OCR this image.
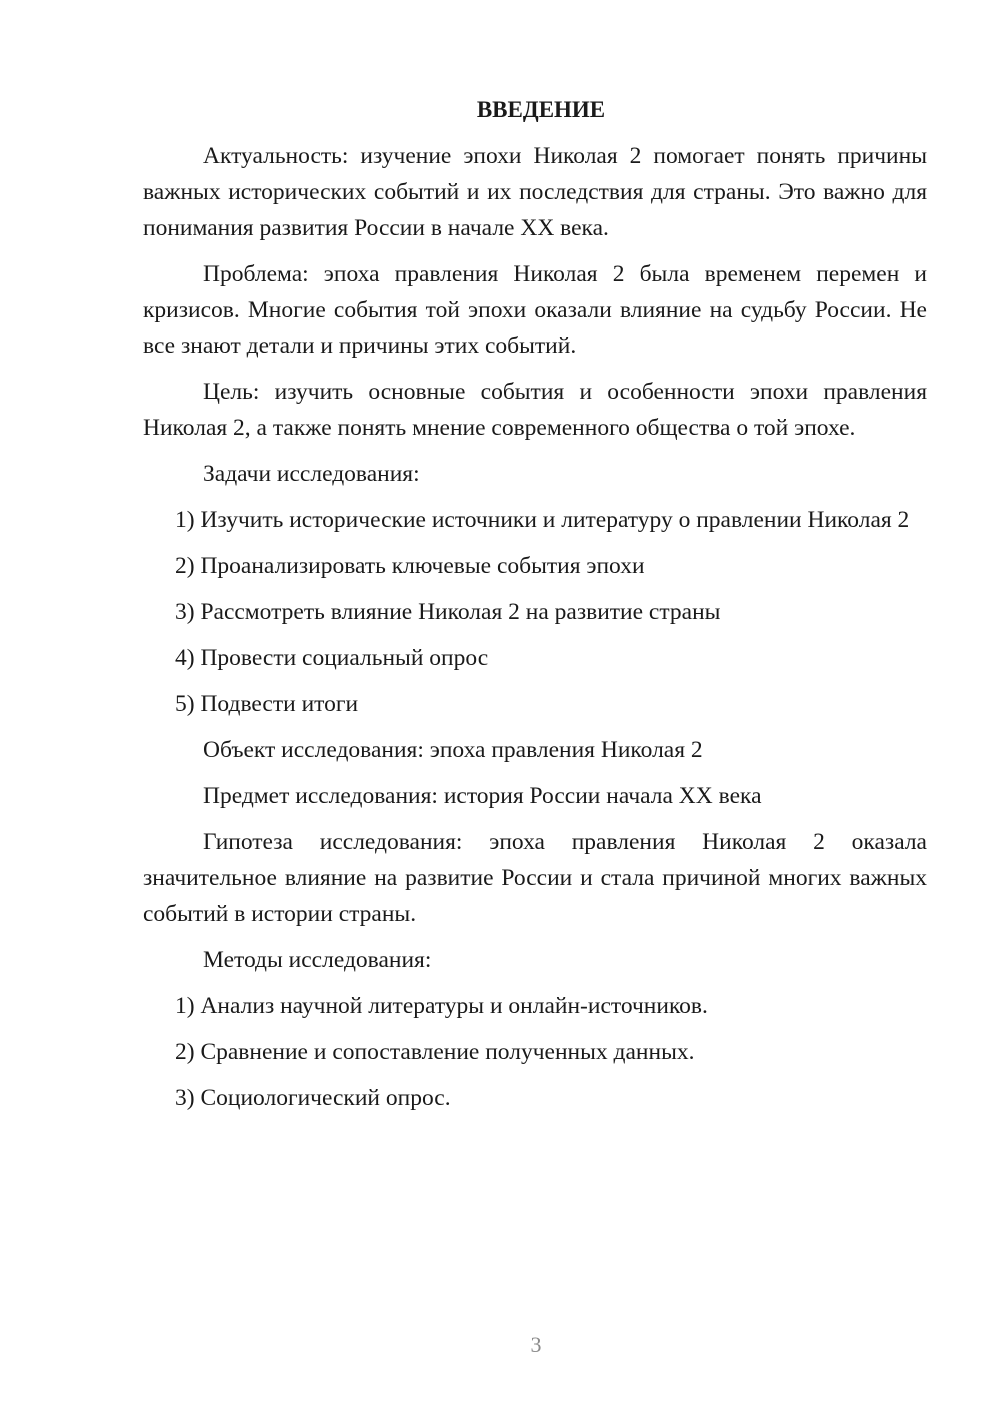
ВВЕДЕНИЕ

Актуальность: изучение эпохи Николая 2 помогает понять причины важных исторических событий и их последствия для страны. Это важно для понимания развития России в начале XX века.

Проблема: эпоха правления Николая 2 была временем перемен и кризисов. Многие события той эпохи оказали влияние на судьбу России. Не все знают детали и причины этих событий.

Цель: изучить основные события и особенности эпохи правления Николая 2, а также понять мнение современного общества о той эпохе.

Задачи исследования:

1) Изучить исторические источники и литературу о правлении Николая 2

2) Проанализировать ключевые события эпохи

3) Рассмотреть влияние Николая 2 на развитие страны

4) Провести социальный опрос

5) Подвести итоги

Объект исследования: эпоха правления Николая 2

Предмет исследования: история России начала XX века

Гипотеза исследования: эпоха правления Николая 2 оказала значительное влияние на развитие России и стала причиной многих важных событий в истории страны.

Методы исследования:

1) Анализ научной литературы и онлайн-источников.

2) Сравнение и сопоставление полученных данных.

3) Социологический опрос.

3
